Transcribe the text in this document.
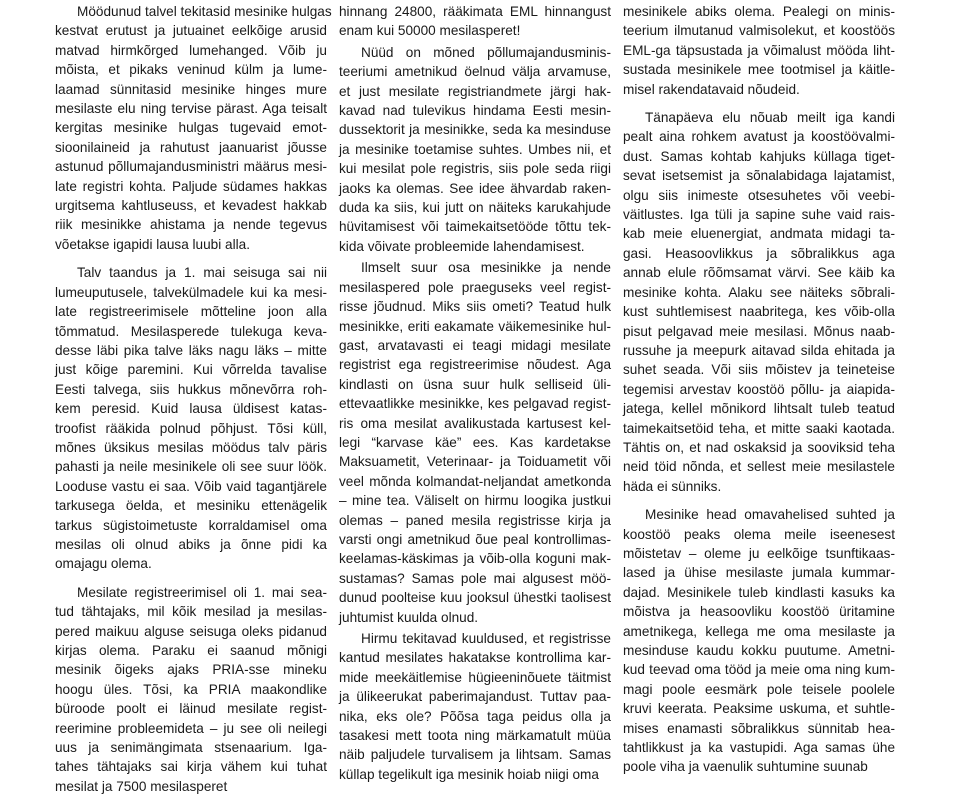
Möödunud talvel tekitasid mesinike hulgas
kestvat erutust ja jutuainet eelkõige arusid
matvad hirmkõrged lumehanged. Võib ju
mõista, et pikaks veninud külm ja lume-
laamad sünnitasid mesinike hinges mure
mesilaste elu ning tervise pärast. Aga teisalt
kergitas mesinike hulgas tugevaid emot-
sioonilaineid ja rahutust jaanuarist jõusse
astunud põllumajandusministri määrus mesi-
late registri kohta. Paljude südames hakkas
urgitsema kahtluseuss, et kevadest hakkab
riik mesinikke ahistama ja nende tegevus
võetakse igapidi lausa luubi alla.
Talv taandus ja 1. mai seisuga sai nii
lumeuputusele, talvekülmadele kui ka mesi-
late registreerimisele mõtteline joon alla
tõmmatud. Mesilasperede tulekuga keva-
desse läbi pika talve läks nagu läks – mitte
just kõige paremini. Kui võrrelda tavalise
Eesti talvega, siis hukkus mõnevõrra roh-
kem peresid. Kuid lausa üldisest katas-
troofist rääkida polnud põhjust. Tõsi küll,
mõnes üksikus mesilas möödus talv päris
pahasti ja neile mesinikele oli see suur löök.
Looduse vastu ei saa. Võib vaid tagantjärele
tarkusega öelda, et mesiniku ettenägelik
tarkus sügistoimetuste korraldamisel oma
mesilas oli olnud abiks ja õnne pidi ka
omajagu olema.
Mesilate registreerimisel oli 1. mai sea-
tud tähtajaks, mil kõik mesilad ja mesilas-
pered maikuu alguse seisuga oleks pidanud
kirjas olema. Paraku ei saanud mõnigi
mesinik õigeks ajaks PRIA-sse mineku
hoogu üles. Tõsi, ka PRIA maakondlike
büroode poolt ei läinud mesilate regist-
reerimine probleemideta – ju see oli neilegi
uus ja senimängimata stsenaarium. Iga-
tahes tähtajaks sai kirja vähem kui tuhat
mesilat ja 7500 mesilasperet
hinnang 24800, rääkimata EML hinnangust
enam kui 50000 mesilasperet!
Nüüd on mõned põllumajandusminis-
teeriumi ametnikud öelnud välja arvamuse,
et just mesilate registriandmete järgi hak-
kavad nad tulevikus hindama Eesti mesin-
dussektorit ja mesinikke, seda ka mesinduse
ja mesinike toetamise suhtes. Umbes nii, et
kui mesilat pole registris, siis pole seda riigi
jaoks ka olemas. See idee ähvardab raken-
duda ka siis, kui jutt on näiteks karukahjude
hüvitamisest või taimekaitsetööde tõttu tek-
kida võivate probleemide lahendamisest.
Ilmselt suur osa mesinikke ja nende
mesilaspered pole praeguseks veel regist-
risse jõudnud. Miks siis ometi? Teatud hulk
mesinikke, eriti eakamate väikemesinike hul-
gast, arvatavasti ei teagi midagi mesilate
registrist ega registreerimise nõudest. Aga
kindlasti on üsna suur hulk selliseid üli-
ettevaatlikke mesinikke, kes pelgavad regist-
ris oma mesilat avalikustada kartusest kel-
legi “karvase käe” ees. Kas kardetakse
Maksuametit, Veterinaar- ja Toiduametit või
veel mõnda kolmandat-neljandat ametkonda
– mine tea. Väliselt on hirmu loogika justkui
olemas – paned mesila registrisse kirja ja
varsti ongi ametnikud õue peal kontrollimas-
keelamas-käskimas ja võib-olla koguni mak-
sustamas? Samas pole mai algusest möö-
dunud poolteise kuu jooksul ühestki taolisest
juhtumist kuulda olnud.
Hirmu tekitavad kuuldused, et registrisse
kantud mesilates hakatakse kontrollima kar-
mide meekäitlemise hügieeninõuete täitmist
ja ülikeerukat paberimajandust. Tuttav paa-
nika, eks ole? Põõsa taga peidus olla ja
tasakesi mett toota ning märkamatult müüa
näib paljudele turvalisem ja lihtsam. Samas
küllap tegelikult iga mesinik hoiab niigi oma
mesinikele abiks olema. Pealegi on minis-
teerium ilmutanud valmisolekut, et koostöös
EML-ga täpsustada ja võimalust mööda liht-
sustada mesinikele mee tootmisel ja käitle-
misel rakendatavaid nõudeid.
Tänapäeva elu nõuab meilt iga kandi
pealt aina rohkem avatust ja koostöövalmi-
dust. Samas kohtab kahjuks küllaga tiget-
sevat isetsemist ja sõnalabidaga lajatamist,
olgu siis inimeste otsesuhetes või veebi-
väitlustes. Iga tüli ja sapine suhe vaid rais-
kab meie eluenergiat, andmata midagi ta-
gasi. Heasoovlikkus ja sõbralikkus aga
annab elule rõõmsamat värvi. See käib ka
mesinike kohta. Alaku see näiteks sõbrali-
kust suhtlemisest naabritega, kes võib-olla
pisut pelgavad meie mesilasi. Mõnus naab-
russuhe ja meepurk aitavad silda ehitada ja
suhet seada. Või siis mõistev ja teineteise
tegemisi arvestav koostöö põllu- ja aiapida-
jatega, kellel mõnikord lihtsalt tuleb teatud
taimekaitsetöid teha, et mitte saaki kaotada.
Tähtis on, et nad oskaksid ja sooviksid teha
neid töid nõnda, et sellest meie mesilastele
häda ei sünniks.
Mesinike head omavahelised suhted ja
koostöö peaks olema meile iseenesest
mõistetav – oleme ju eelkõige tsunftikaas-
lased ja ühise mesilaste jumala kummar-
dajad. Mesinikele tuleb kindlasti kasuks ka
mõistva ja heasoovliku koostöö üritamine
ametnikega, kellega me oma mesilaste ja
mesinduse kaudu kokku puutume. Ametni-
kud teevad oma tööd ja meie oma ning kum-
magi poole eesmärk pole teisele poolele
kruvi keerata. Peaksime uskuma, et suhtle-
mises enamasti sõbralikkus sünnitab hea-
tahtlikkust ja ka vastupidi. Aga samas ühe
poole viha ja vaenulik suhtumine suunab
